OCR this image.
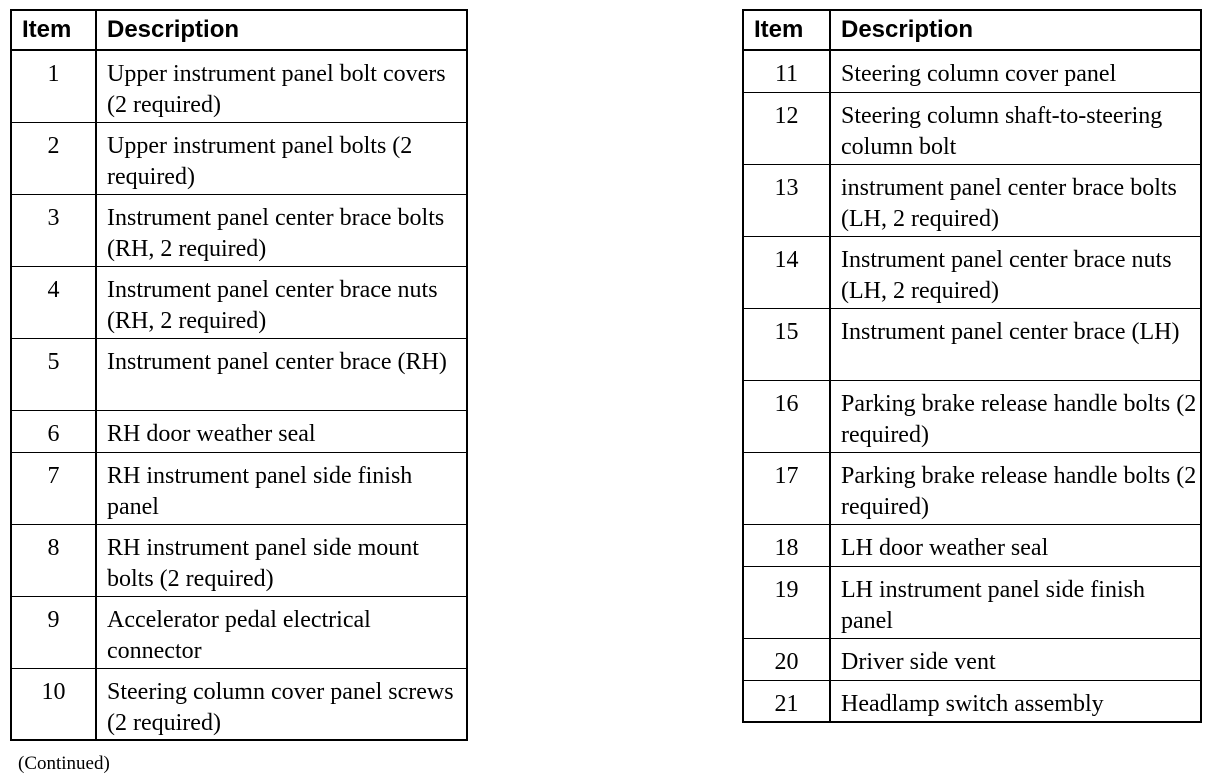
Item	Description
1	Upper instrument panel bolt covers (2 required)
2	Upper instrument panel bolts (2 required)
3	Instrument panel center brace bolts (RH, 2 required)
4	Instrument panel center brace nuts (RH, 2 required)
5	Instrument panel center brace (RH)
6	RH door weather seal
7	RH instrument panel side finish panel
8	RH instrument panel side mount bolts (2 required)
9	Accelerator pedal electrical connector
10	Steering column cover panel screws (2 required)
(Continued)
Item	Description
11	Steering column cover panel
12	Steering column shaft-to-steering column bolt
13	instrument panel center brace bolts (LH, 2 required)
14	Instrument panel center brace nuts (LH, 2 required)
15	Instrument panel center brace (LH)
16	Parking brake release handle bolts (2 required)
17	Parking brake release handle bolts (2 required)
18	LH door weather seal
19	LH instrument panel side finish panel
20	Driver side vent
21	Headlamp switch assembly
